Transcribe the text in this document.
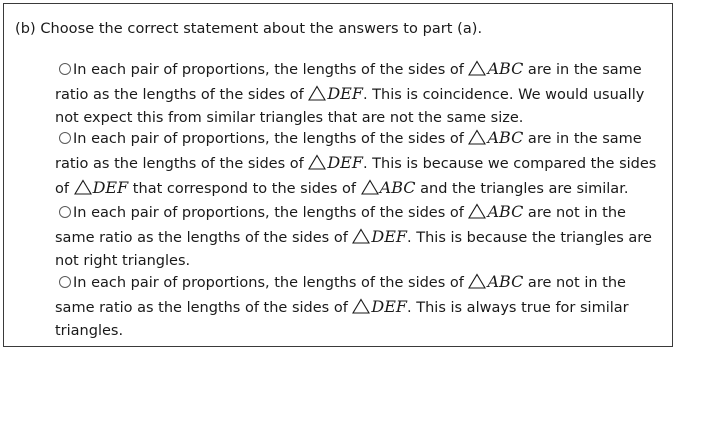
(b) Choose the correct statement about the answers to part (a).
In each pair of proportions, the lengths of the sides of
ABC are in the same ratio as the lengths of the sides of
DEF. This is coincidence. We would usually not expect this from similar triangles that are not the same size.
In each pair of proportions, the lengths of the sides of
ABC are in the same ratio as the lengths of the sides of
DEF. This is because we compared the sides of
DEF that correspond to the sides of
ABC and the triangles are similar.
In each pair of proportions, the lengths of the sides of
ABC are not in the same ratio as the lengths of the sides of
DEF. This is because the triangles are not right triangles.
In each pair of proportions, the lengths of the sides of
ABC are not in the same ratio as the lengths of the sides of
DEF. This is always true for similar triangles.
